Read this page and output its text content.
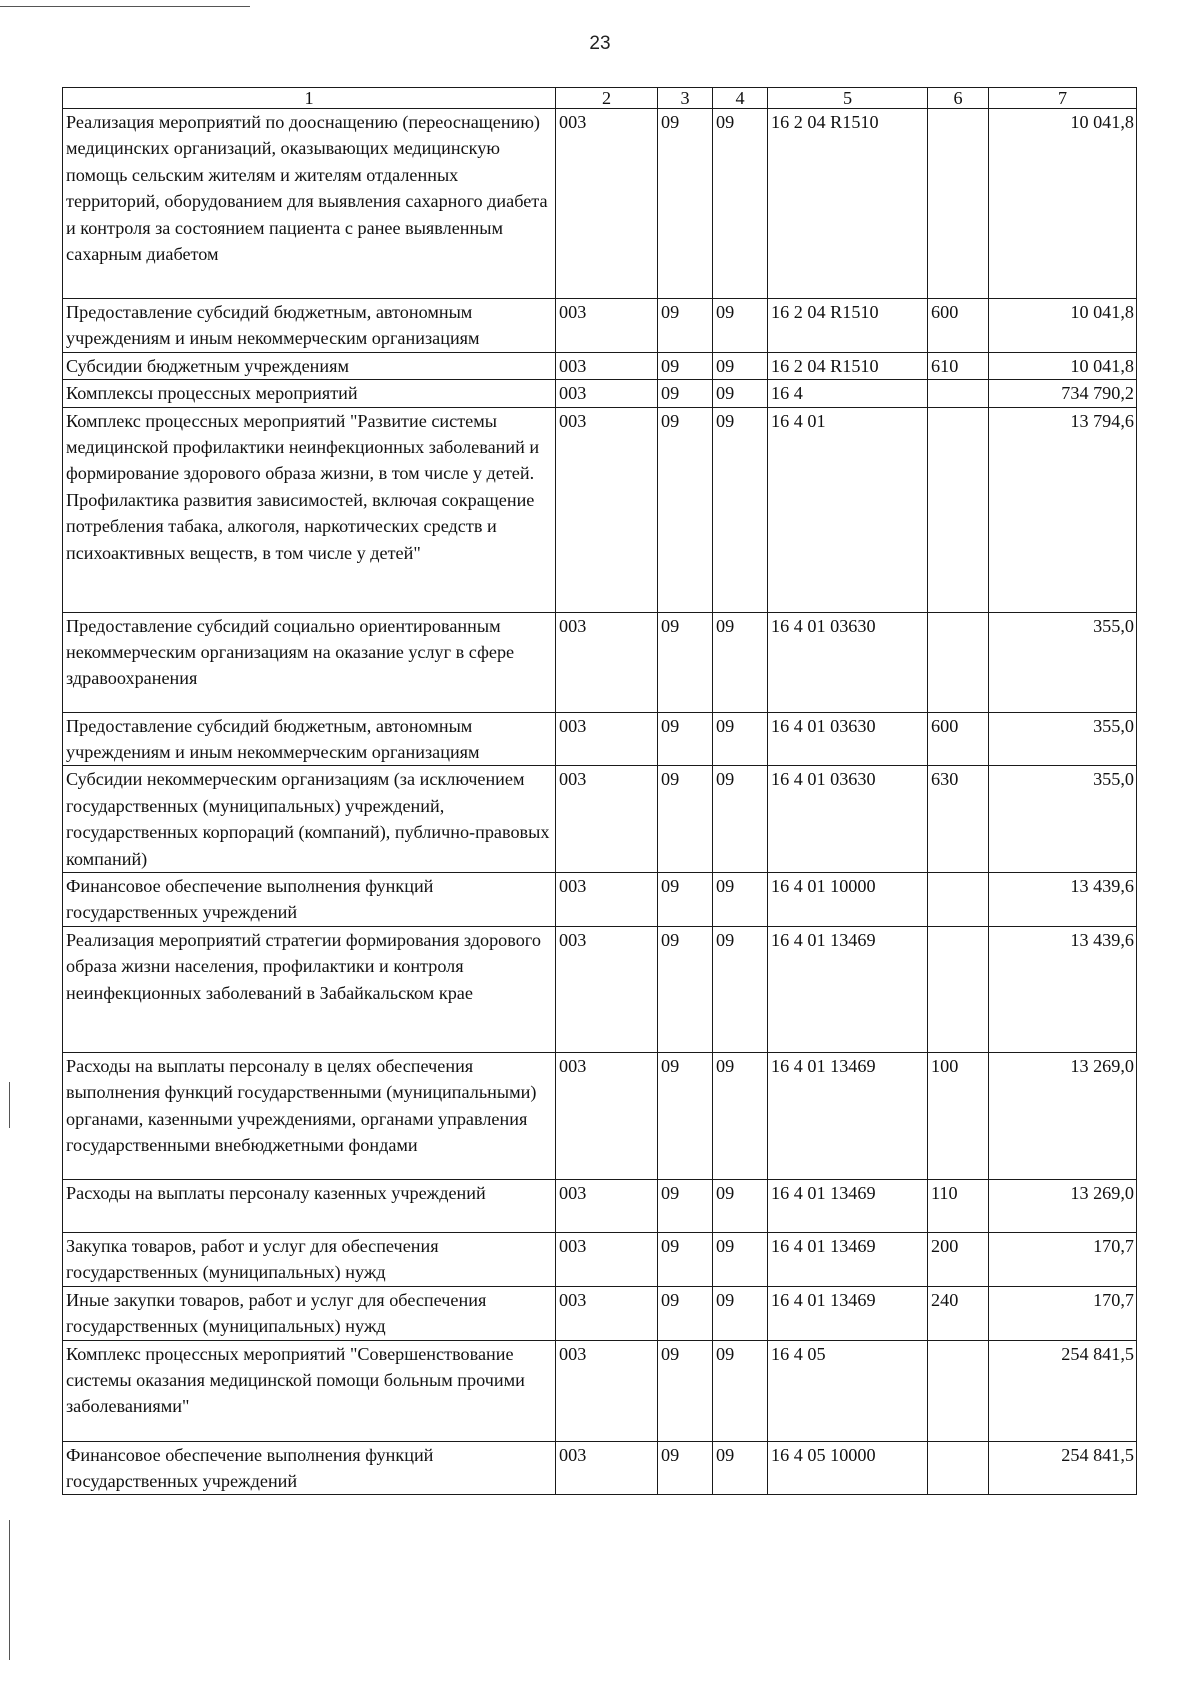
23
1	2	3	4	5	6	7
Реализация мероприятий по дооснащению (переоснащению) медицинских организаций, оказывающих медицинскую помощь сельским жителям и жителям отдаленных территорий, оборудованием для выявления сахарного диабета и контроля за состоянием пациента с ранее выявленным сахарным диабетом	003	09	09	16 2 04 R1510		10 041,8
Предоставление субсидий бюджетным, автономным учреждениям и иным некоммерческим организациям	003	09	09	16 2 04 R1510	600	10 041,8
Субсидии бюджетным учреждениям	003	09	09	16 2 04 R1510	610	10 041,8
Комплексы процессных мероприятий	003	09	09	16 4		734 790,2
Комплекс процессных мероприятий "Развитие системы медицинской профилактики неинфекционных заболеваний и формирование здорового образа жизни, в том числе у детей. Профилактика развития зависимостей, включая сокращение потребления табака, алкоголя, наркотических средств и психоактивных веществ, в том числе у детей"	003	09	09	16 4 01		13 794,6
Предоставление субсидий социально ориентированным некоммерческим организациям на оказание услуг в сфере здравоохранения	003	09	09	16 4 01 03630		355,0
Предоставление субсидий бюджетным, автономным учреждениям и иным некоммерческим организациям	003	09	09	16 4 01 03630	600	355,0
Субсидии некоммерческим организациям (за исключением государственных (муниципальных) учреждений, государственных корпораций (компаний), публично-правовых компаний)	003	09	09	16 4 01 03630	630	355,0
Финансовое обеспечение выполнения функций государственных учреждений	003	09	09	16 4 01 10000		13 439,6
Реализация мероприятий стратегии формирования здорового образа жизни населения, профилактики и контроля неинфекционных заболеваний в Забайкальском крае	003	09	09	16 4 01 13469		13 439,6
Расходы на выплаты персоналу в целях обеспечения выполнения функций государственными (муниципальными) органами, казенными учреждениями, органами управления государственными внебюджетными фондами	003	09	09	16 4 01 13469	100	13 269,0
Расходы на выплаты персоналу казенных учреждений	003	09	09	16 4 01 13469	110	13 269,0
Закупка товаров, работ и услуг для обеспечения государственных (муниципальных) нужд	003	09	09	16 4 01 13469	200	170,7
Иные закупки товаров, работ и услуг для обеспечения государственных (муниципальных) нужд	003	09	09	16 4 01 13469	240	170,7
Комплекс процессных мероприятий "Совершенствование системы оказания медицинской помощи больным прочими заболеваниями"	003	09	09	16 4 05		254 841,5
Финансовое обеспечение выполнения функций государственных учреждений	003	09	09	16 4 05 10000		254 841,5
